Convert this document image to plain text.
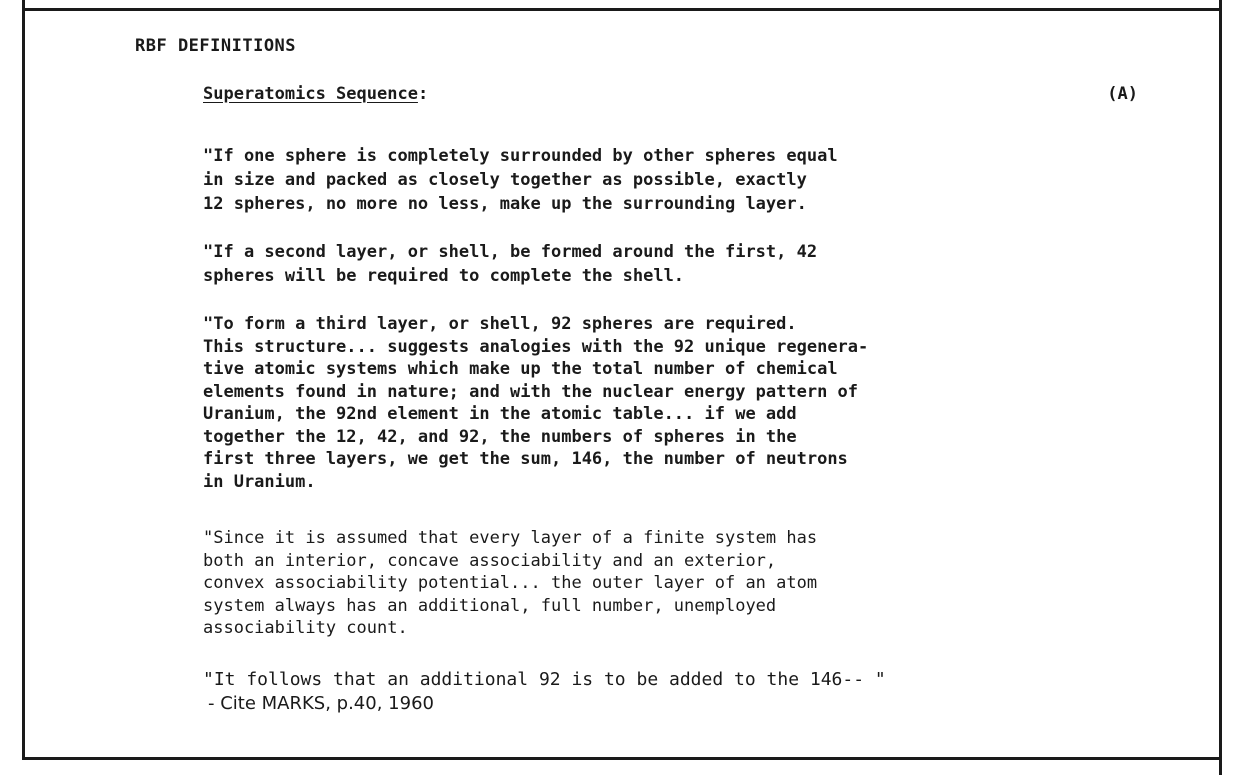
RBF DEFINITIONS
Superatomics Sequence:	(A)
"If one sphere is completely surrounded by other spheres equal
in size and packed as closely together as possible, exactly
12 spheres, no more no less, make up the surrounding layer.
"If a second layer, or shell, be formed around the first, 42
spheres will be required to complete the shell.
"To form a third layer, or shell, 92 spheres are required.
This structure... suggests analogies with the 92 unique regenera-
tive atomic systems which make up the total number of chemical
elements found in nature; and with the nuclear energy pattern of
Uranium, the 92nd element in the atomic table... if we add
together the 12, 42, and 92, the numbers of spheres in the
first three layers, we get the sum, 146, the number of neutrons
in Uranium.
"Since it is assumed that every layer of a finite system has
both an interior, concave associability and an exterior,
convex associability potential... the outer layer of an atom
system always has an additional, full number, unemployed
associability count.
"It follows that an additional 92 is to be added to the 146-- "
- Cite MARKS, p.40, 1960
